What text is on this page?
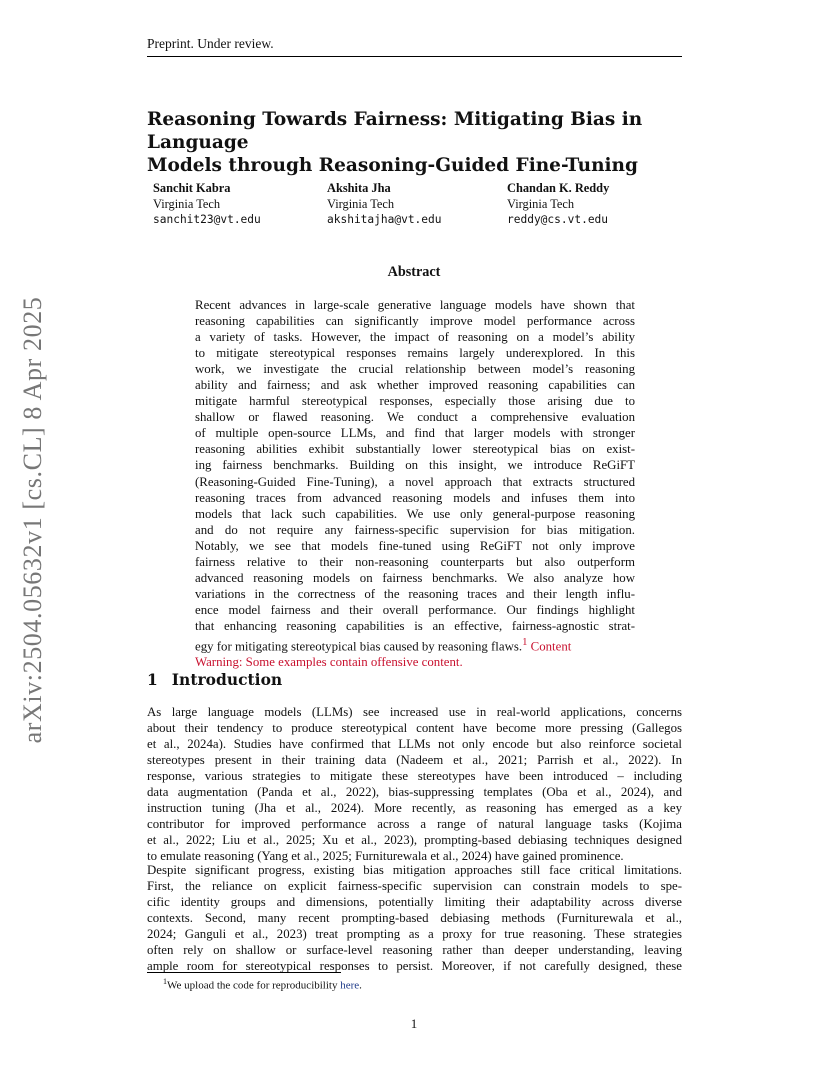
Preprint. Under review.
arXiv:2504.05632v1 [cs.CL] 8 Apr 2025
Reasoning Towards Fairness: Mitigating Bias in Language
Models through Reasoning-Guided Fine-Tuning
Sanchit Kabra
Virginia Tech
sanchit23@vt.edu
Akshita Jha
Virginia Tech
akshitajha@vt.edu
Chandan K. Reddy
Virginia Tech
reddy@cs.vt.edu
Abstract
Recent advances in large-scale generative language models have shown that
reasoning capabilities can significantly improve model performance across
a variety of tasks. However, the impact of reasoning on a model’s ability
to mitigate stereotypical responses remains largely underexplored. In this
work, we investigate the crucial relationship between model’s reasoning
ability and fairness; and ask whether improved reasoning capabilities can
mitigate harmful stereotypical responses, especially those arising due to
shallow or flawed reasoning. We conduct a comprehensive evaluation
of multiple open-source LLMs, and find that larger models with stronger
reasoning abilities exhibit substantially lower stereotypical bias on exist-
ing fairness benchmarks. Building on this insight, we introduce ReGiFT
(Reasoning-Guided Fine-Tuning), a novel approach that extracts structured
reasoning traces from advanced reasoning models and infuses them into
models that lack such capabilities. We use only general-purpose reasoning
and do not require any fairness-specific supervision for bias mitigation.
Notably, we see that models fine-tuned using ReGiFT not only improve
fairness relative to their non-reasoning counterparts but also outperform
advanced reasoning models on fairness benchmarks. We also analyze how
variations in the correctness of the reasoning traces and their length influ-
ence model fairness and their overall performance. Our findings highlight
that enhancing reasoning capabilities is an effective, fairness-agnostic strat-
egy for mitigating stereotypical bias caused by reasoning flaws.$^1$ Content
Warning: Some examples contain offensive content.
1 Introduction
As large language models (LLMs) see increased use in real-world applications, concerns
about their tendency to produce stereotypical content have become more pressing (Gallegos
et al., 2024a). Studies have confirmed that LLMs not only encode but also reinforce societal
stereotypes present in their training data (Nadeem et al., 2021; Parrish et al., 2022). In
response, various strategies to mitigate these stereotypes have been introduced – including
data augmentation (Panda et al., 2022), bias-suppressing templates (Oba et al., 2024), and
instruction tuning (Jha et al., 2024). More recently, as reasoning has emerged as a key
contributor for improved performance across a range of natural language tasks (Kojima
et al., 2022; Liu et al., 2025; Xu et al., 2023), prompting-based debiasing techniques designed
to emulate reasoning (Yang et al., 2025; Furniturewala et al., 2024) have gained prominence.
Despite significant progress, existing bias mitigation approaches still face critical limitations.
First, the reliance on explicit fairness-specific supervision can constrain models to spe-
cific identity groups and dimensions, potentially limiting their adaptability across diverse
contexts. Second, many recent prompting-based debiasing methods (Furniturewala et al.,
2024; Ganguli et al., 2023) treat prompting as a proxy for true reasoning. These strategies
often rely on shallow or surface-level reasoning rather than deeper understanding, leaving
ample room for stereotypical responses to persist. Moreover, if not carefully designed, these
$^1$We upload the code for reproducibility here.
1
